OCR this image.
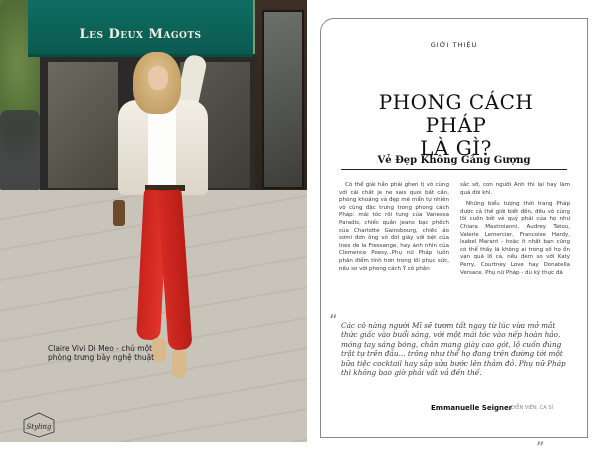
Les Deux Magots
Claire Vivi Di Meo - chủ một phòng trưng bày nghệ thuật
Styling
GIỚI THIỆU
PHONG CÁCH PHÁP
LÀ GÌ?
Vẻ Đẹp Không Gắng Gượng

Có thể giải hẳn phải ghen tị vô cùng với cái chất je ne sais quoi bất cần, phóng khoáng và đẹp mê mẩn tự nhiên vô cùng đặc trưng trong phong cách Pháp: mái tóc rối tung của Vanessa Paradis, chiếc quần jeans bạc phếch của Charlotte Gainsbourg, chiếc áo sơmi đơn ông vô đơi giày với bệt của Ines de la Fressange, hay ảnh nhìn của Clemence Poesy...Phụ nữ Pháp luôn phân điểm tính hơn trong lối phục sức, nếu so với phong cách Ý cô phân

sắc sỡ, con người Anh thì lại hay làm quá đòi khi.

Những biểu tượng thời trang Pháp được cả thế giới biết đến, đều vô cùng lôi cuốn bởi vẻ quý phái của họ như Chiara Mastroianni, Audrey Tatou, Valerie Lemercier, Francoise Hardy, Isabel Marant - hoặc ít nhất bạn cũng có thể thấy lá không ai trong số họ ồn vạn quá lố cả, nếu đem so với Katy Perry, Courtney Love hay Donatella Versace. Phụ nữ Pháp - dù kỹ thực đã

“ Các cô nàng người Mĩ sẽ tươm tất ngay từ lúc vừa mở mắt thức giấc vào buổi sáng, với một mái tóc vào nếp hoàn hảo, móng tay sáng bóng, chân mang giày cao gót, lộ cuốn đúng trật tự trên đầu... trông như thể họ đang trên đường tới một bữa tiệc cocktail hay sắp sửa bước lên thảm đỏ. Phụ nữ Pháp thì không bao giờ phải vất vả đến thế.
”
Emmanuelle Seigner
DIỄN VIÊN, CA SĨ
